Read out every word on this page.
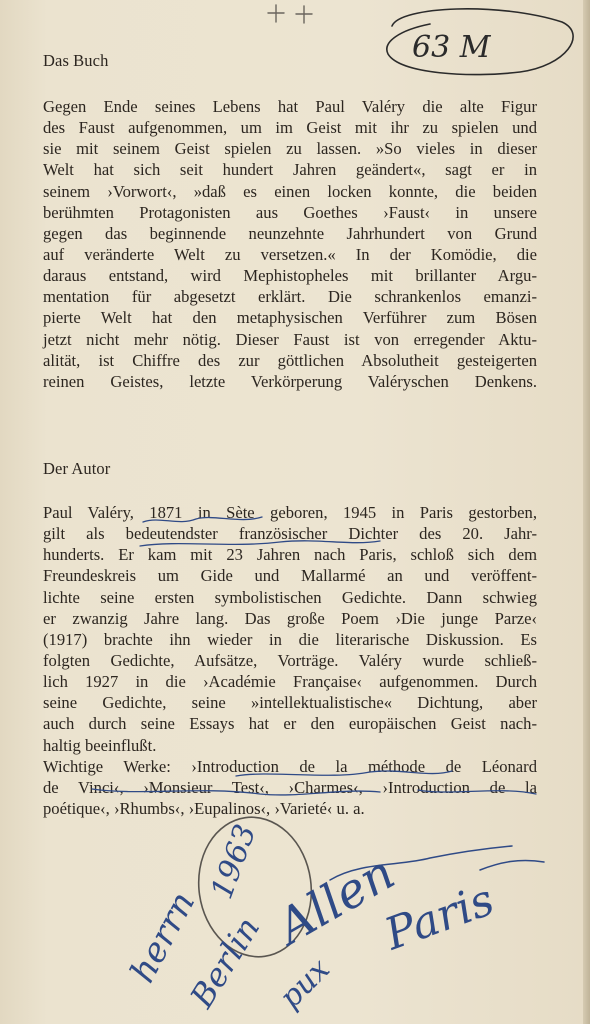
Das Buch
Gegen Ende seines Lebens hat Paul Valéry die alte Figur
des Faust aufgenommen, um im Geist mit ihr zu spielen und
sie mit seinem Geist spielen zu lassen. »So vieles in dieser
Welt hat sich seit hundert Jahren geändert«, sagt er in
seinem ›Vorwort‹, »daß es einen locken konnte, die beiden
berühmten Protagonisten aus Goethes ›Faust‹ in unsere
gegen das beginnende neunzehnte Jahrhundert von Grund
auf veränderte Welt zu versetzen.« In der Komödie, die
daraus entstand, wird Mephistopheles mit brillanter Argu-
mentation für abgesetzt erklärt. Die schrankenlos emanzi-
pierte Welt hat den metaphysischen Verführer zum Bösen
jetzt nicht mehr nötig. Dieser Faust ist von erregender Aktu-
alität, ist Chiffre des zur göttlichen Absolutheit gesteigerten
reinen Geistes, letzte Verkörperung Valéryschen Denkens.
Der Autor
Paul Valéry, 1871 in Sète geboren, 1945 in Paris gestorben,
gilt als bedeutendster französischer Dichter des 20. Jahr-
hunderts. Er kam mit 23 Jahren nach Paris, schloß sich dem
Freundeskreis um Gide und Mallarmé an und veröffent-
lichte seine ersten symbolistischen Gedichte. Dann schwieg
er zwanzig Jahre lang. Das große Poem ›Die junge Parze‹
(1917) brachte ihn wieder in die literarische Diskussion. Es
folgten Gedichte, Aufsätze, Vorträge. Valéry wurde schließ-
lich 1927 in die ›Académie Française‹ aufgenommen. Durch
seine Gedichte, seine »intellektualistische« Dichtung, aber
auch durch seine Essays hat er den europäischen Geist nach-
haltig beeinflußt.
Wichtige Werke: ›Introduction de la méthode de Léonard
de Vinci‹, ›Monsieur Test‹, ›Charmes‹, ›Introduction de la
poétique‹, ›Rhumbs‹, ›Eupalinos‹, ›Varieté‹ u. a.
63 M
1963
herrn
Berlin
Allen
pux
Paris
